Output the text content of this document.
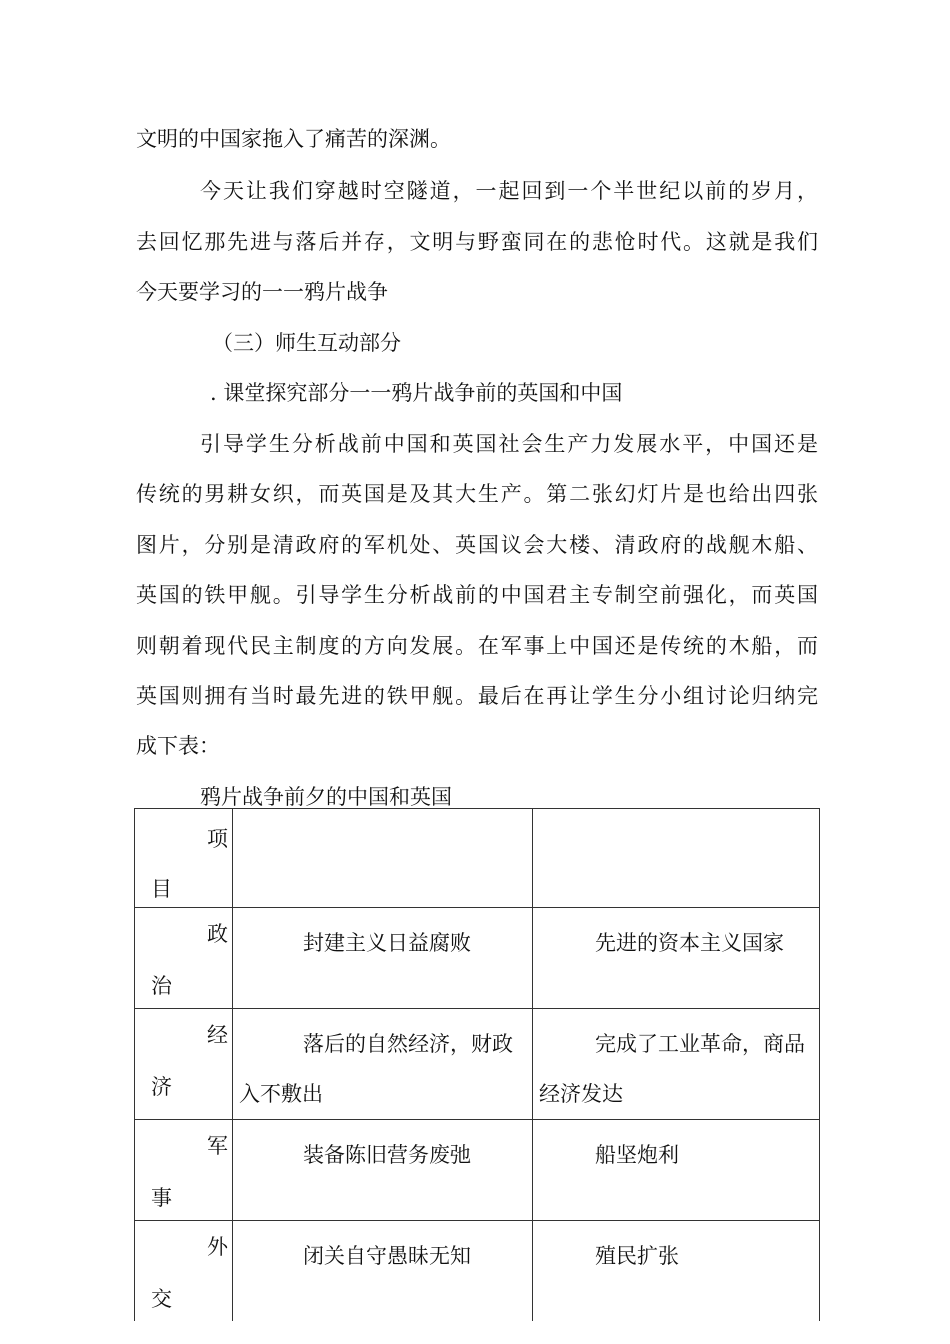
文明的中国家拖入了痛苦的深渊。
今天让我们穿越时空隧道，一起回到一个半世纪以前的岁月，
去回忆那先进与落后并存，文明与野蛮同在的悲怆时代。这就是我们
今天要学习的一一鸦片战争
（三）师生互动部分
. 课堂探究部分一一鸦片战争前的英国和中国
引导学生分析战前中国和英国社会生产力发展水平，中国还是
传统的男耕女织，而英国是及其大生产。第二张幻灯片是也给出四张
图片，分别是清政府的军机处、英国议会大楼、清政府的战舰木船、
英国的铁甲舰。引导学生分析战前的中国君主专制空前强化，而英国
则朝着现代民主制度的方向发展。在军事上中国还是传统的木船，而
英国则拥有当时最先进的铁甲舰。最后在再让学生分小组讨论归纳完
成下表：
鸦片战争前夕的中国和英国
项
目		

政
治	封建主义日益腐败	先进的资本主义国家

经
济	落后的自然经济，财政入不敷出	完成了工业革命，商品经济发达

军
事	装备陈旧营务废弛	船坚炮利

外
交	闭关自守愚昧无知	殖民扩张
